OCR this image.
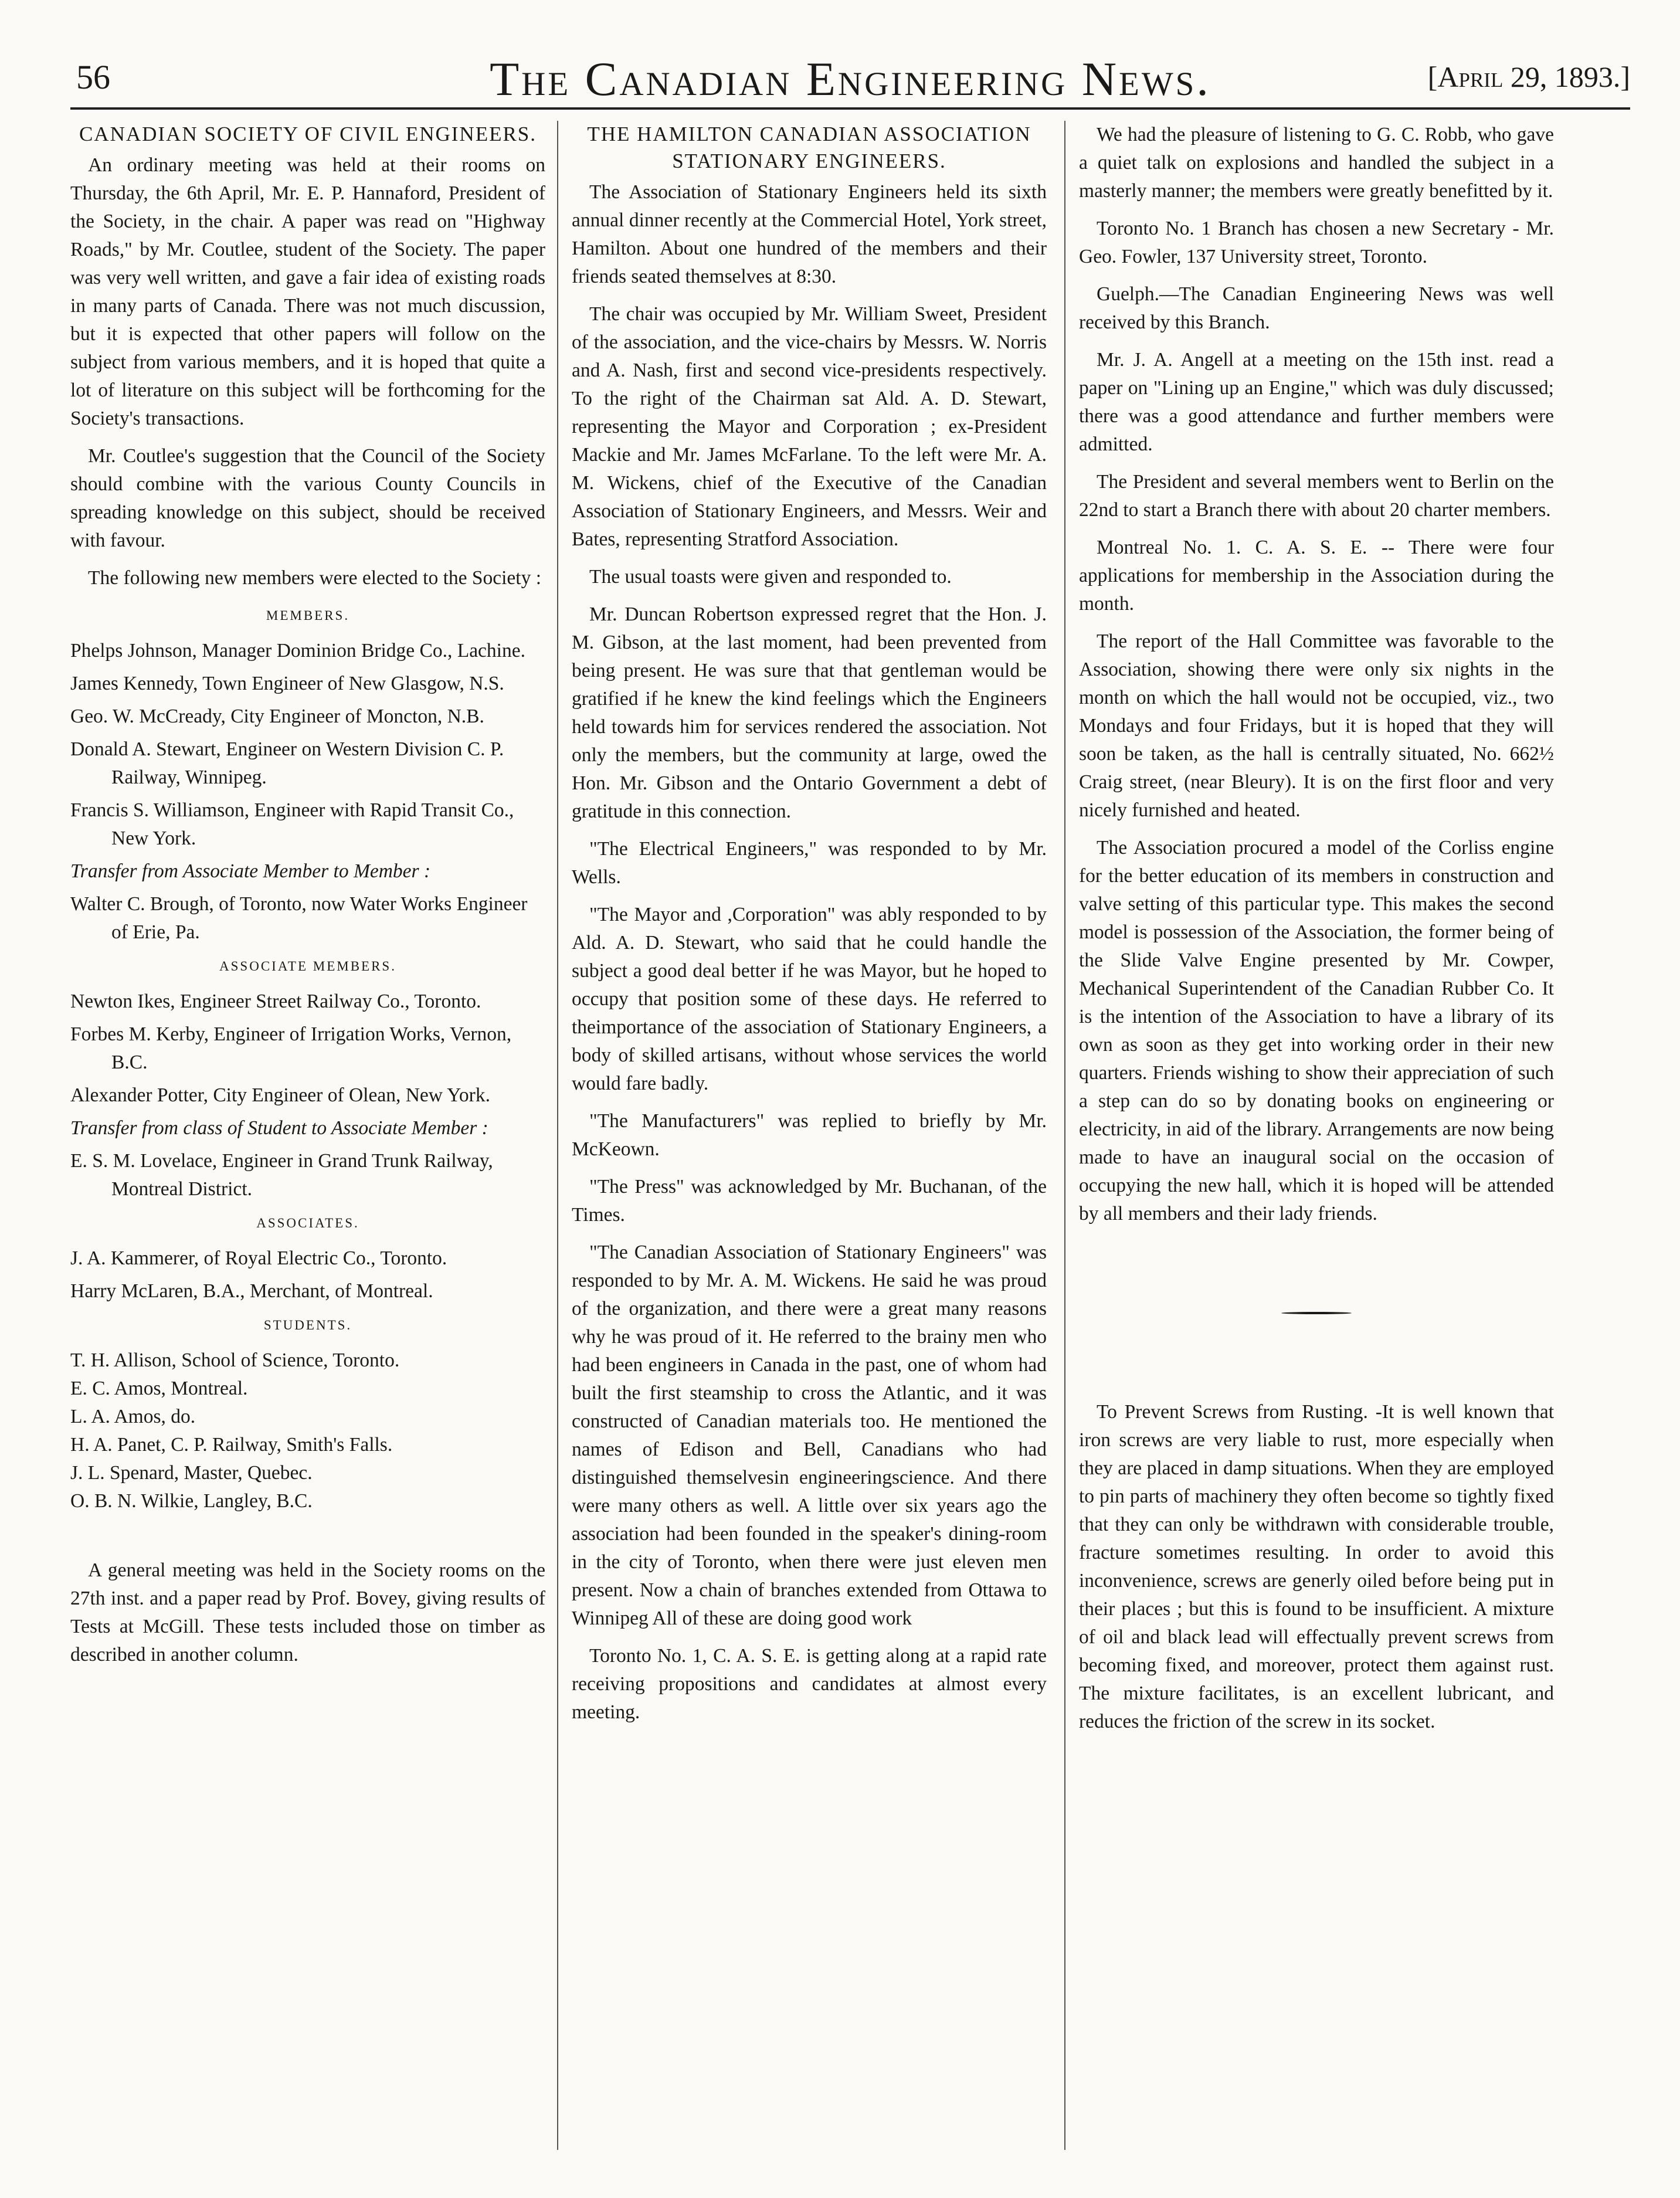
56	The Canadian Engineering News.	[April 29, 1893.]
CANADIAN SOCIETY OF CIVIL ENGINEERS.

An ordinary meeting was held at their rooms on Thursday, the 6th April, Mr. E. P. Hannaford, President of the Society, in the chair. A paper was read on "Highway Roads," by Mr. Coutlee, student of the Society. The paper was very well written, and gave a fair idea of existing roads in many parts of Canada. There was not much discussion, but it is expected that other papers will follow on the subject from various members, and it is hoped that quite a lot of literature on this subject will be forthcoming for the Society's transactions.

Mr. Coutlee's suggestion that the Council of the Society should combine with the various County Councils in spreading knowledge on this subject, should be received with favour.

The following new members were elected to the Society :

MEMBERS.

Phelps Johnson, Manager Dominion Bridge Co., Lachine.

James Kennedy, Town Engineer of New Glasgow, N.S.

Geo. W. McCready, City Engineer of Moncton, N.B.

Donald A. Stewart, Engineer on Western Division C. P. Railway, Winnipeg.

Francis S. Williamson, Engineer with Rapid Transit Co., New York.

Transfer from Associate Member to Member :

Walter C. Brough, of Toronto, now Water Works Engineer of Erie, Pa.

ASSOCIATE MEMBERS.

Newton Ikes, Engineer Street Railway Co., Toronto.

Forbes M. Kerby, Engineer of Irrigation Works, Vernon, B.C.

Alexander Potter, City Engineer of Olean, New York.

Transfer from class of Student to Associate Member :

E. S. M. Lovelace, Engineer in Grand Trunk Railway, Montreal District.

ASSOCIATES.

J. A. Kammerer, of Royal Electric Co., Toronto.

Harry McLaren, B.A., Merchant, of Montreal.

STUDENTS.

T. H. Allison, School of Science, Toronto.

E. C. Amos, Montreal.

L. A. Amos, do.

H. A. Panet, C. P. Railway, Smith's Falls.

J. L. Spenard, Master, Quebec.

O. B. N. Wilkie, Langley, B.C.

A general meeting was held in the Society rooms on the 27th inst. and a paper read by Prof. Bovey, giving results of Tests at McGill. These tests included those on timber as described in another column.

THE HAMILTON CANADIAN ASSOCIATION STATIONARY ENGINEERS.

The Association of Stationary Engineers held its sixth annual dinner recently at the Commercial Hotel, York street, Hamilton. About one hundred of the members and their friends seated themselves at 8:30.

The chair was occupied by Mr. William Sweet, President of the association, and the vice-chairs by Messrs. W. Norris and A. Nash, first and second vice-presidents respectively. To the right of the Chairman sat Ald. A. D. Stewart, representing the Mayor and Corporation ; ex-President Mackie and Mr. James McFarlane. To the left were Mr. A. M. Wickens, chief of the Executive of the Canadian Association of Stationary Engineers, and Messrs. Weir and Bates, representing Stratford Association.

The usual toasts were given and responded to.

Mr. Duncan Robertson expressed regret that the Hon. J. M. Gibson, at the last moment, had been prevented from being present. He was sure that that gentleman would be gratified if he knew the kind feelings which the Engineers held towards him for services rendered the association. Not only the members, but the community at large, owed the Hon. Mr. Gibson and the Ontario Government a debt of gratitude in this connection.

"The Electrical Engineers," was responded to by Mr. Wells.

"The Mayor and ,Corporation" was ably responded to by Ald. A. D. Stewart, who said that he could handle the subject a good deal better if he was Mayor, but he hoped to occupy that position some of these days. He referred to theimportance of the association of Stationary Engineers, a body of skilled artisans, without whose services the world would fare badly.

"The Manufacturers" was replied to briefly by Mr. McKeown.

"The Press" was acknowledged by Mr. Buchanan, of the Times.

"The Canadian Association of Stationary Engineers" was responded to by Mr. A. M. Wickens. He said he was proud of the organization, and there were a great many reasons why he was proud of it. He referred to the brainy men who had been engineers in Canada in the past, one of whom had built the first steamship to cross the Atlantic, and it was constructed of Canadian materials too. He mentioned the names of Edison and Bell, Canadians who had distinguished themselvesin engineeringscience. And there were many others as well. A little over six years ago the association had been founded in the speaker's dining-room in the city of Toronto, when there were just eleven men present. Now a chain of branches extended from Ottawa to Winnipeg All of these are doing good work

Toronto No. 1, C. A. S. E. is getting along at a rapid rate receiving propositions and candidates at almost every meeting.

We had the pleasure of listening to G. C. Robb, who gave a quiet talk on explosions and handled the subject in a masterly manner; the members were greatly benefitted by it.

Toronto No. 1 Branch has chosen a new Secretary - Mr. Geo. Fowler, 137 University street, Toronto.

Guelph.—The Canadian Engineering News was well received by this Branch.

Mr. J. A. Angell at a meeting on the 15th inst. read a paper on "Lining up an Engine," which was duly discussed; there was a good attendance and further members were admitted.

The President and several members went to Berlin on the 22nd to start a Branch there with about 20 charter members.

Montreal No. 1. C. A. S. E. -- There were four applications for membership in the Association during the month.

The report of the Hall Committee was favorable to the Association, showing there were only six nights in the month on which the hall would not be occupied, viz., two Mondays and four Fridays, but it is hoped that they will soon be taken, as the hall is centrally situated, No. 662½ Craig street, (near Bleury). It is on the first floor and very nicely furnished and heated.

The Association procured a model of the Corliss engine for the better education of its members in construction and valve setting of this particular type. This makes the second model is possession of the Association, the former being of the Slide Valve Engine presented by Mr. Cowper, Mechanical Superintendent of the Canadian Rubber Co. It is the intention of the Association to have a library of its own as soon as they get into working order in their new quarters. Friends wishing to show their appreciation of such a step can do so by donating books on engineering or electricity, in aid of the library. Arrangements are now being made to have an inaugural social on the occasion of occupying the new hall, which it is hoped will be attended by all members and their lady friends.

To Prevent Screws from Rusting. -It is well known that iron screws are very liable to rust, more especially when they are placed in damp situations. When they are employed to pin parts of machinery they often become so tightly fixed that they can only be withdrawn with considerable trouble, fracture sometimes resulting. In order to avoid this inconvenience, screws are generly oiled before being put in their places ; but this is found to be insufficient. A mixture of oil and black lead will effectually prevent screws from becoming fixed, and moreover, protect them against rust. The mixture facilitates, is an excellent lubricant, and reduces the friction of the screw in its socket.
